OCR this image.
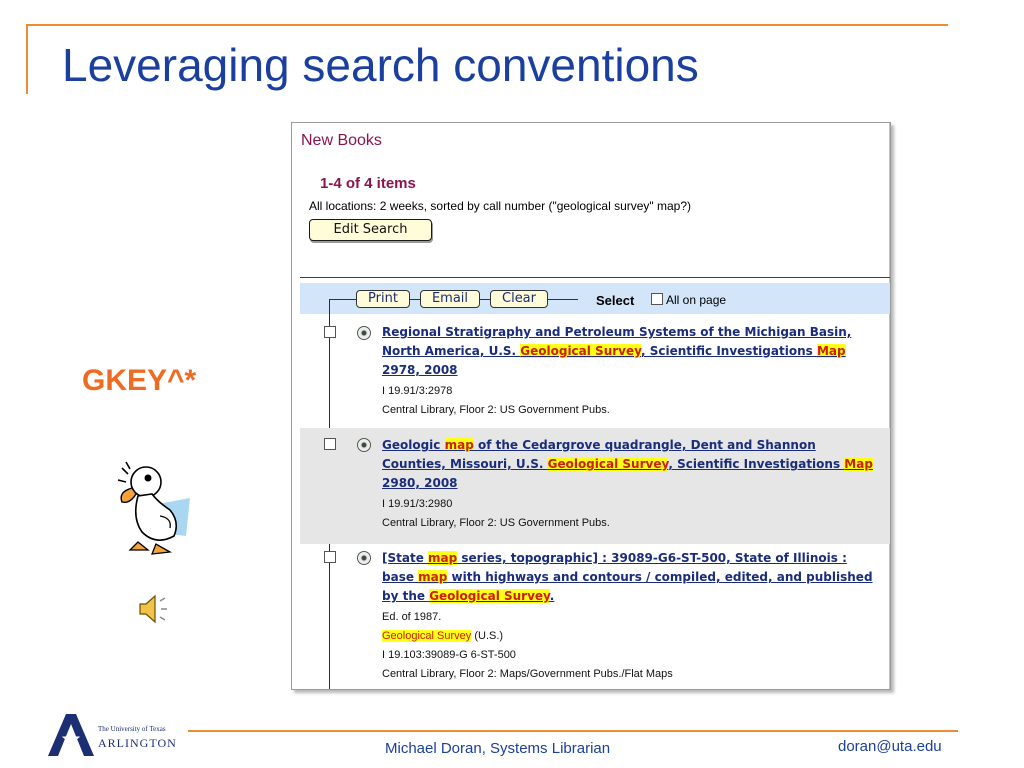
Leveraging search conventions
GKEY^*
New Books
1-4 of 4 items
All locations: 2 weeks, sorted by call number ("geological survey" map?)
Edit Search
Print	Email	Clear	Select	All on page
Regional Stratigraphy and Petroleum Systems of the Michigan Basin, North America, U.S. Geological Survey, Scientific Investigations Map 2978, 2008
I 19.91/3:2978
Central Library, Floor 2: US Government Pubs.
Geologic map of the Cedargrove quadrangle, Dent and Shannon Counties, Missouri, U.S. Geological Survey, Scientific Investigations Map 2980, 2008
I 19.91/3:2980
Central Library, Floor 2: US Government Pubs.
[State map series, topographic] : 39089-G6-ST-500, State of Illinois : base map with highways and contours / compiled, edited, and published by the Geological Survey.
Ed. of 1987.
Geological Survey (U.S.)
I 19.103:39089-G 6-ST-500
Central Library, Floor 2: Maps/Government Pubs./Flat Maps
The University of Texas
ARLINGTON	Michael Doran, Systems Librarian	doran@uta.edu
